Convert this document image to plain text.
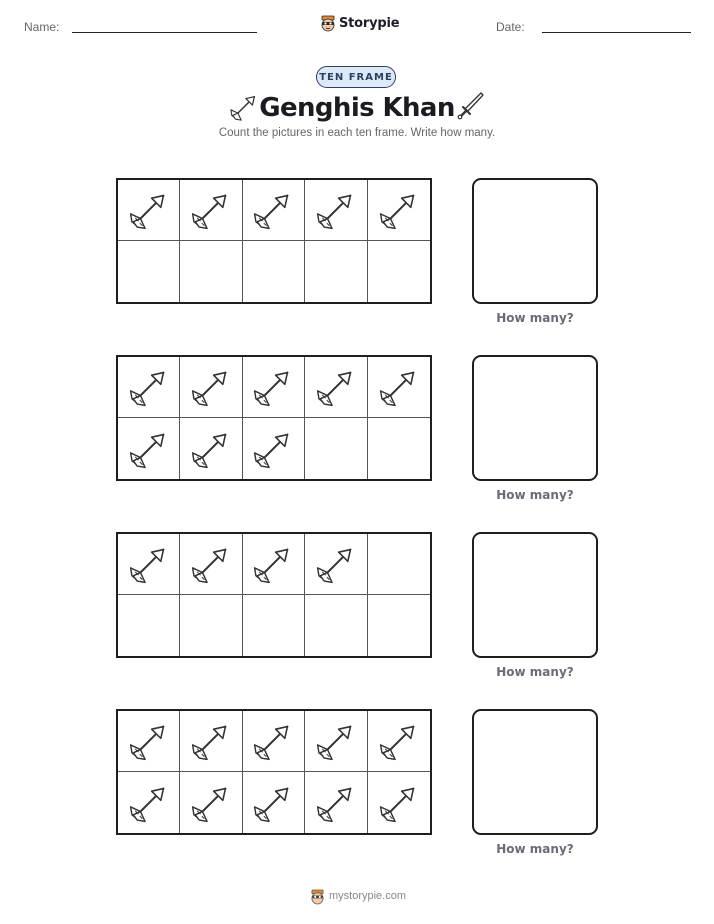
Name:	Storypie	Date:
TEN FRAME
Genghis Khan
Count the pictures in each ten frame. Write how many.
How many?
How many?
How many?
How many?
mystorypie.com
